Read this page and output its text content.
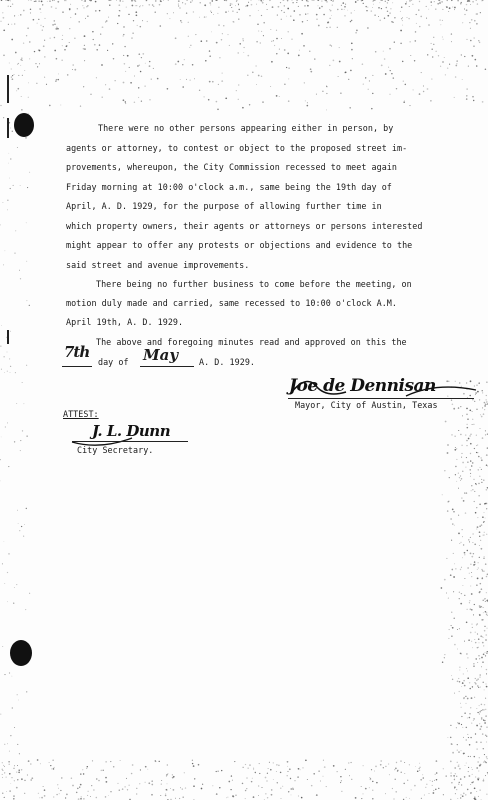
There were no other persons appearing either in person, by
agents or attorney, to contest or object to the proposed street im-
provements, whereupon, the City Commission recessed to meet again
Friday morning at 10:00 o'clock a.m., same being the 19th day of
April, A. D. 1929, for the purpose of allowing further time in
which property owners, their agents or attorneys or persons interested
might appear to offer any protests or objections and evidence to the
said street and avenue improvements.
There being no further business to come before the meeting, on
motion duly made and carried, same recessed to 10:00 o'clock A.M.
April 19th, A. D. 1929.
The above and foregoing minutes read and approved on this the
7th
day of May A. D. 1929.
Joe de Dennisan
Mayor, City of Austin, Texas
ATTEST:
J. L. Dunn
City Secretary.
